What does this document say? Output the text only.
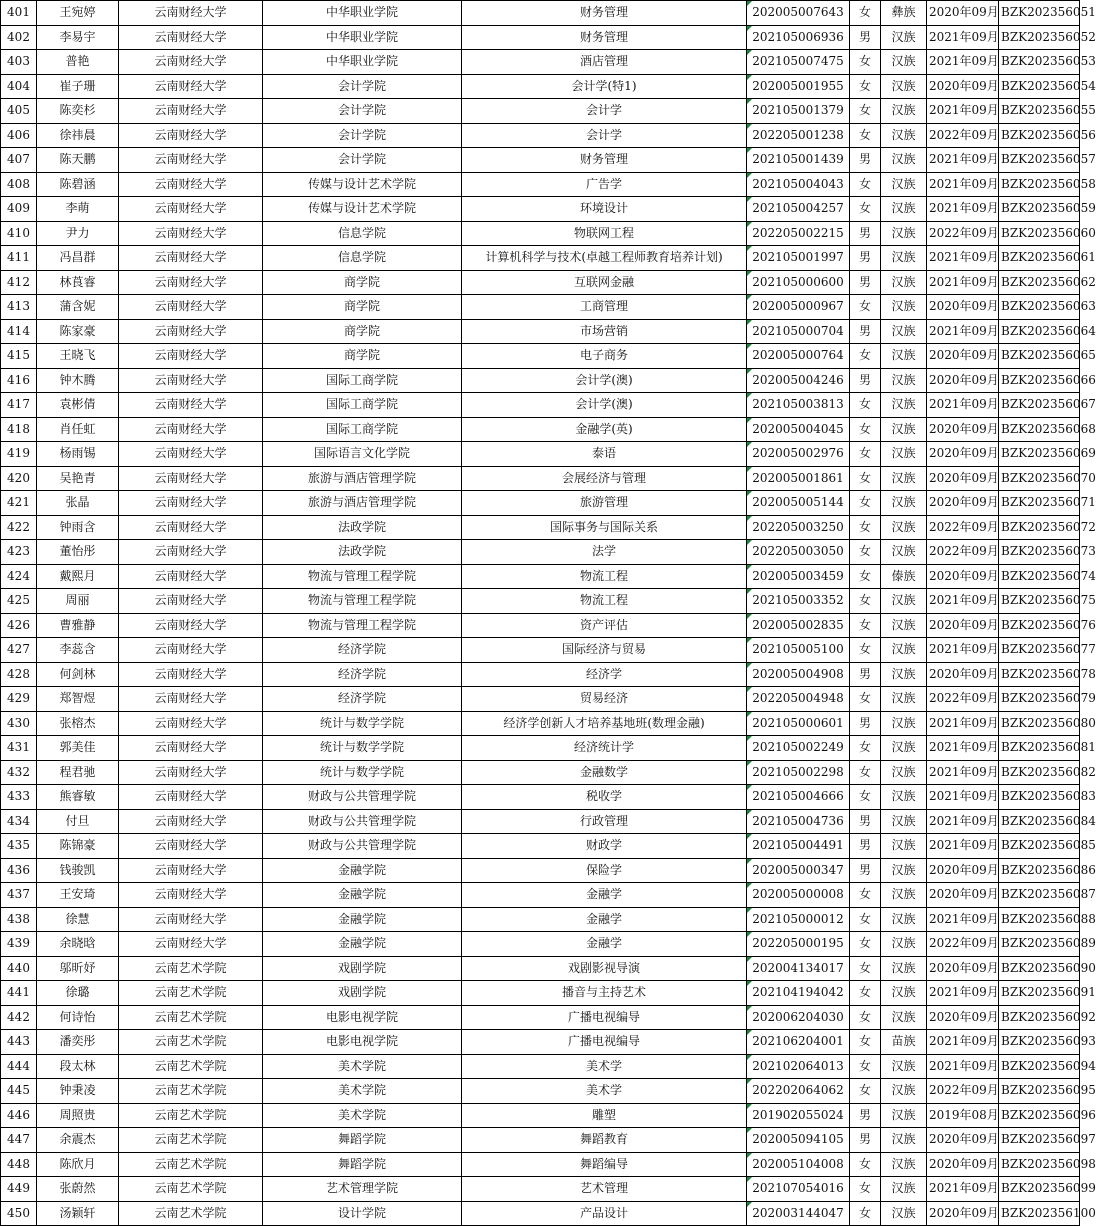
401	王宛婷	云南财经大学	中华职业学院	财务管理	202005007643	女	彝族	2020年09月	BZK202356051
402	李易宇	云南财经大学	中华职业学院	财务管理	202105006936	男	汉族	2021年09月	BZK202356052
403	普艳	云南财经大学	中华职业学院	酒店管理	202105007475	女	汉族	2021年09月	BZK202356053
404	崔子珊	云南财经大学	会计学院	会计学(特1)	202005001955	女	汉族	2020年09月	BZK202356054
405	陈奕杉	云南财经大学	会计学院	会计学	202105001379	女	汉族	2021年09月	BZK202356055
406	徐祎晨	云南财经大学	会计学院	会计学	202205001238	女	汉族	2022年09月	BZK202356056
407	陈天鹏	云南财经大学	会计学院	财务管理	202105001439	男	汉族	2021年09月	BZK202356057
408	陈碧涵	云南财经大学	传媒与设计艺术学院	广告学	202105004043	女	汉族	2021年09月	BZK202356058
409	李萌	云南财经大学	传媒与设计艺术学院	环境设计	202105004257	女	汉族	2021年09月	BZK202356059
410	尹力	云南财经大学	信息学院	物联网工程	202205002215	男	汉族	2022年09月	BZK202356060
411	冯昌群	云南财经大学	信息学院	计算机科学与技术(卓越工程师教育培养计划)	202105001997	男	汉族	2021年09月	BZK202356061
412	林莨睿	云南财经大学	商学院	互联网金融	202105000600	男	汉族	2021年09月	BZK202356062
413	蒲含妮	云南财经大学	商学院	工商管理	202005000967	女	汉族	2020年09月	BZK202356063
414	陈家豪	云南财经大学	商学院	市场营销	202105000704	男	汉族	2021年09月	BZK202356064
415	王晓飞	云南财经大学	商学院	电子商务	202005000764	女	汉族	2020年09月	BZK202356065
416	钟木腾	云南财经大学	国际工商学院	会计学(澳)	202005004246	男	汉族	2020年09月	BZK202356066
417	袁彬倩	云南财经大学	国际工商学院	会计学(澳)	202105003813	女	汉族	2021年09月	BZK202356067
418	肖任虹	云南财经大学	国际工商学院	金融学(英)	202005004045	女	汉族	2020年09月	BZK202356068
419	杨雨锡	云南财经大学	国际语言文化学院	泰语	202005002976	女	汉族	2020年09月	BZK202356069
420	吴艳青	云南财经大学	旅游与酒店管理学院	会展经济与管理	202005001861	女	汉族	2020年09月	BZK202356070
421	张晶	云南财经大学	旅游与酒店管理学院	旅游管理	202005005144	女	汉族	2020年09月	BZK202356071
422	钟雨含	云南财经大学	法政学院	国际事务与国际关系	202205003250	女	汉族	2022年09月	BZK202356072
423	董怡彤	云南财经大学	法政学院	法学	202205003050	女	汉族	2022年09月	BZK202356073
424	戴熙月	云南财经大学	物流与管理工程学院	物流工程	202005003459	女	傣族	2020年09月	BZK202356074
425	周丽	云南财经大学	物流与管理工程学院	物流工程	202105003352	女	汉族	2021年09月	BZK202356075
426	曹雅静	云南财经大学	物流与管理工程学院	资产评估	202005002835	女	汉族	2020年09月	BZK202356076
427	李蕊含	云南财经大学	经济学院	国际经济与贸易	202105005100	女	汉族	2021年09月	BZK202356077
428	何剑林	云南财经大学	经济学院	经济学	202005004908	男	汉族	2020年09月	BZK202356078
429	郑智煜	云南财经大学	经济学院	贸易经济	202205004948	女	汉族	2022年09月	BZK202356079
430	张榕杰	云南财经大学	统计与数学学院	经济学创新人才培养基地班(数理金融)	202105000601	男	汉族	2021年09月	BZK202356080
431	郭美佳	云南财经大学	统计与数学学院	经济统计学	202105002249	女	汉族	2021年09月	BZK202356081
432	程君驰	云南财经大学	统计与数学学院	金融数学	202105002298	女	汉族	2021年09月	BZK202356082
433	熊睿敏	云南财经大学	财政与公共管理学院	税收学	202105004666	女	汉族	2021年09月	BZK202356083
434	付旦	云南财经大学	财政与公共管理学院	行政管理	202105004736	男	汉族	2021年09月	BZK202356084
435	陈锦豪	云南财经大学	财政与公共管理学院	财政学	202105004491	男	汉族	2021年09月	BZK202356085
436	钱骏凯	云南财经大学	金融学院	保险学	202005000347	男	汉族	2020年09月	BZK202356086
437	王安琦	云南财经大学	金融学院	金融学	202005000008	女	汉族	2020年09月	BZK202356087
438	徐慧	云南财经大学	金融学院	金融学	202105000012	女	汉族	2021年09月	BZK202356088
439	余晓晗	云南财经大学	金融学院	金融学	202205000195	女	汉族	2022年09月	BZK202356089
440	邬昕妤	云南艺术学院	戏剧学院	戏剧影视导演	202004134017	女	汉族	2020年09月	BZK202356090
441	徐璐	云南艺术学院	戏剧学院	播音与主持艺术	202104194042	女	汉族	2021年09月	BZK202356091
442	何诗怡	云南艺术学院	电影电视学院	广播电视编导	202006204030	女	汉族	2020年09月	BZK202356092
443	潘奕彤	云南艺术学院	电影电视学院	广播电视编导	202106204001	女	苗族	2021年09月	BZK202356093
444	段太林	云南艺术学院	美术学院	美术学	202102064013	女	汉族	2021年09月	BZK202356094
445	钟秉凌	云南艺术学院	美术学院	美术学	202202064062	女	汉族	2022年09月	BZK202356095
446	周照贵	云南艺术学院	美术学院	雕塑	201902055024	男	汉族	2019年08月	BZK202356096
447	余震杰	云南艺术学院	舞蹈学院	舞蹈教育	202005094105	男	汉族	2020年09月	BZK202356097
448	陈欣月	云南艺术学院	舞蹈学院	舞蹈编导	202005104008	女	汉族	2020年09月	BZK202356098
449	张蔚然	云南艺术学院	艺术管理学院	艺术管理	202107054016	女	汉族	2021年09月	BZK202356099
450	汤颖轩	云南艺术学院	设计学院	产品设计	202003144047	女	汉族	2020年09月	BZK202356100
